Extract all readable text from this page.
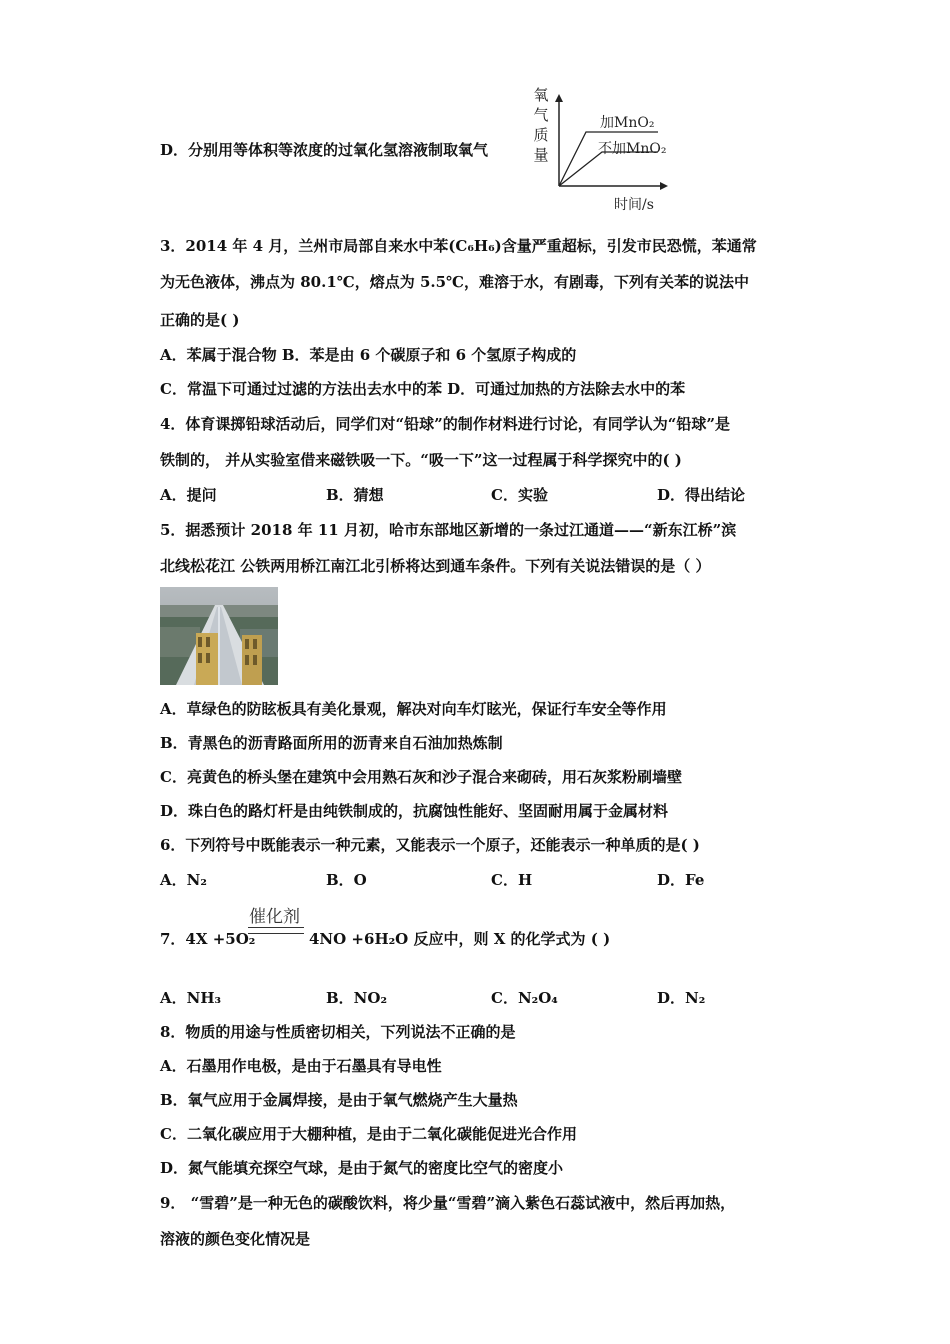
D．分别用等体积等浓度的过氧化氢溶液制取氧气
氧
气
质
量
加MnO₂
不加MnO₂
时间/s
3．2014 年 4 月，兰州市局部自来水中苯(C₆H₆)含量严重超标，引发市民恐慌，苯通常
为无色液体，沸点为 80.1℃，熔点为 5.5℃，难溶于水，有剧毒，下列有关苯的说法中
正确的是( )
A．苯属于混合物 B．苯是由 6 个碳原子和 6 个氢原子构成的
C．常温下可通过过滤的方法出去水中的苯 D．可通过加热的方法除去水中的苯
4．体育课掷铅球活动后，同学们对“铅球”的制作材料进行讨论，有同学认为“铅球”是
铁制的， 并从实验室借来磁铁吸一下。“吸一下”这一过程属于科学探究中的( )
A．提问	B．猜想	C．实验	D．得出结论
5．据悉预计 2018 年 11 月初，哈市东部地区新增的一条过江通道——“新东江桥”滨
北线松花江 公铁两用桥江南江北引桥将达到通车条件。下列有关说法错误的是（ ）
A．草绿色的防眩板具有美化景观，解决对向车灯眩光，保证行车安全等作用
B．青黑色的沥青路面所用的沥青来自石油加热炼制
C．亮黄色的桥头堡在建筑中会用熟石灰和沙子混合来砌砖，用石灰浆粉刷墙壁
D．珠白色的路灯杆是由纯铁制成的，抗腐蚀性能好、坚固耐用属于金属材料
6．下列符号中既能表示一种元素，又能表示一个原子，还能表示一种单质的是( )
A．N₂	B．O	C．H	D．Fe
7．4X +5O₂
催化剂
4NO +6H₂O 反应中，则 X 的化学式为 ( )
A．NH₃	B．NO₂	C．N₂O₄	D．N₂
8．物质的用途与性质密切相关，下列说法不正确的是
A．石墨用作电极，是由于石墨具有导电性
B．氧气应用于金属焊接，是由于氧气燃烧产生大量热
C．二氧化碳应用于大棚种植，是由于二氧化碳能促进光合作用
D．氮气能填充探空气球，是由于氮气的密度比空气的密度小
9． “雪碧”是一种无色的碳酸饮料，将少量“雪碧”滴入紫色石蕊试液中，然后再加热，
溶液的颜色变化情况是
